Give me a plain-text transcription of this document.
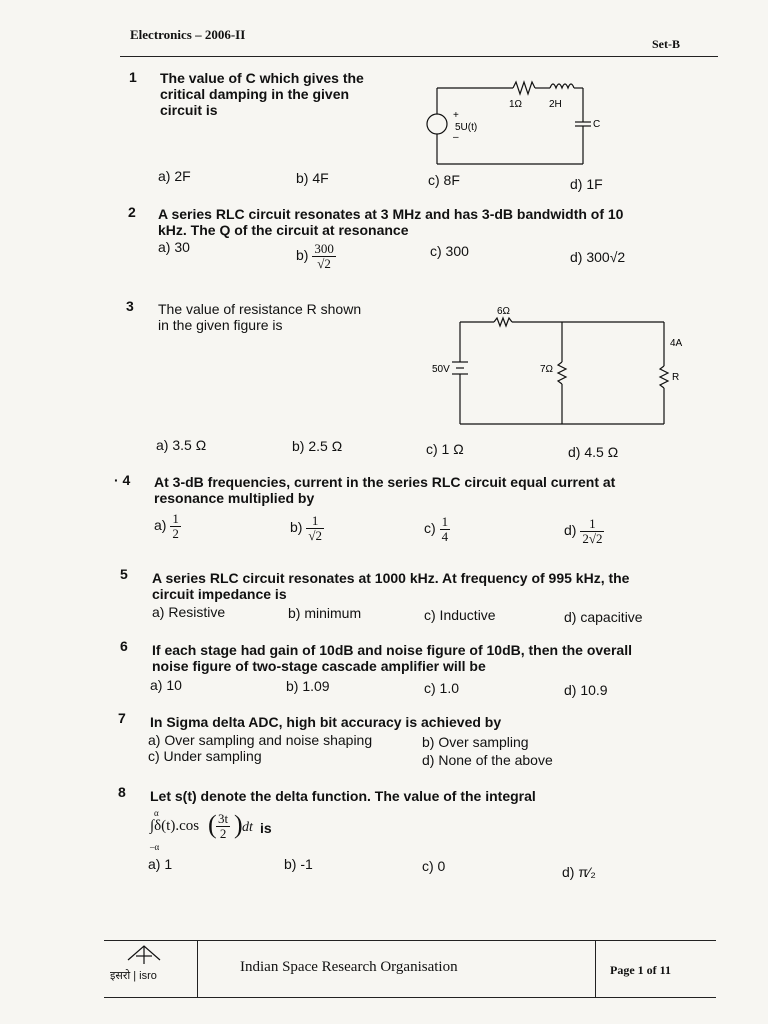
Electronics – 2006-II
Set-B
1 The value of C which gives the
critical damping in the given
circuit is	1Ω	2H
+
5U(t)
–
C
a) 2F	b) 4F	c) 8F	d) 1F
2 A series RLC circuit resonates at 3 MHz and has 3-dB bandwidth of 10
kHz. The Q of the circuit at resonance
a) 30
$b) \frac{300}{√2}$	c) 300	d) 300√2
3 The value of resistance R shown
in the given figure is
6Ω
50V	7Ω
4A
R
a) 3.5 Ω	b) 2.5 Ω	c) 1 Ω	d) 4.5 Ω
· 4 At 3-dB frequencies, current in the series RLC circuit equal current at
resonance multiplied by
$a) \frac{1}{2}$	$b) \frac{1}{√2}$	$c) \frac{1}{4}$	$d) \frac{1}{2√2}$
5 A series RLC circuit resonates at 1000 kHz. At frequency of 995 kHz, the
circuit impedance is
a) Resistive	b) minimum	c) Inductive	d) capacitive
6 If each stage had gain of 10dB and noise figure of 10dB, then the overall
noise figure of two-stage cascade amplifier will be
a) 10	b) 1.09	c) 1.0	d) 10.9
7 In Sigma delta ADC, high bit accuracy is achieved by
a) Over sampling and noise shaping	b) Over sampling
c) Under sampling	d) None of the above
8 Let s(t) denote the delta function. The value of the integral
α
∫δ(t).cos ( $\frac{3t}{2}$ ) dt is
–α
a) 1	b) -1	c) 0	d) π⁄₂
इसरो | isro
Indian Space Research Organisation	Page 1 of 11
